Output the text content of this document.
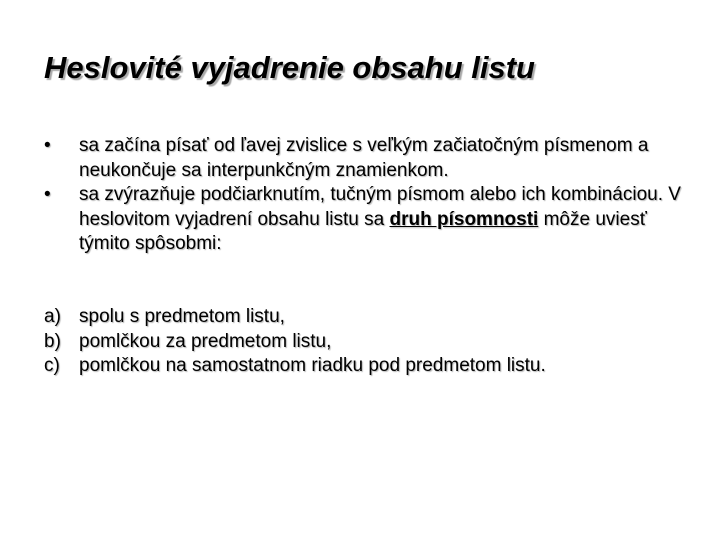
Heslovité vyjadrenie obsahu listu
•	sa začína písať od ľavej zvislice s veľkým začiatočným písmenom a neukončuje sa interpunkčným znamienkom.
•	sa zvýrazňuje podčiarknutím, tučným písmom alebo ich kombináciou. V heslovitom vyjadrení obsahu listu sa druh písomnosti môže uviesť týmito spôsobmi:
a) spolu s predmetom listu,
b) pomlčkou za predmetom listu,
c)	pomlčkou na samostatnom riadku pod predmetom listu.
